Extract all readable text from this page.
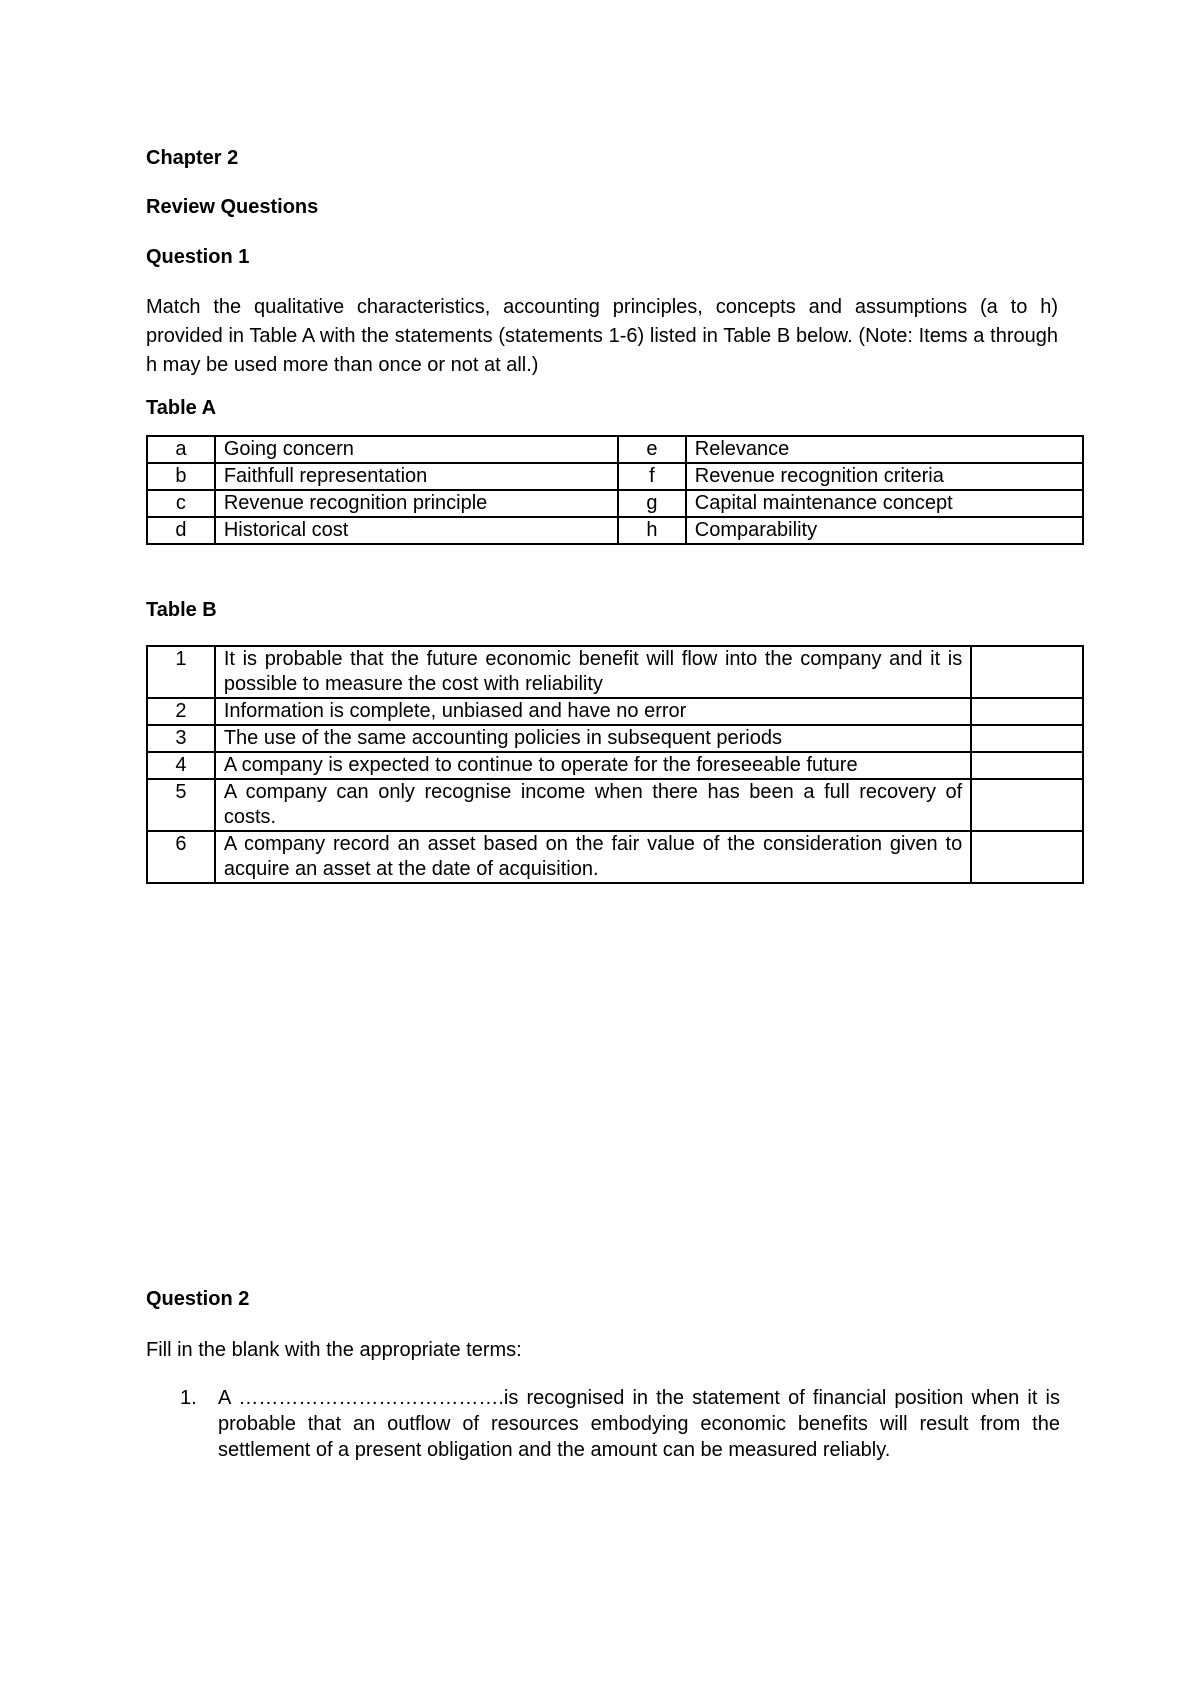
Chapter 2
Review Questions
Question 1
Match the qualitative characteristics, accounting principles, concepts and assumptions (a to h) provided in Table A with the statements (statements 1-6) listed in Table B below. (Note: Items a through h may be used more than once or not at all.)
Table A
a	Going concern	e	Relevance
b	Faithfull representation	f	Revenue recognition criteria
c	Revenue recognition principle	g	Capital maintenance concept
d	Historical cost	h	Comparability
Table B
1	It is probable that the future economic benefit will flow into the company and it is possible to measure the cost with reliability	
2	Information is complete, unbiased and have no error	
3	The use of the same accounting policies in subsequent periods	
4	A company is expected to continue to operate for the foreseeable future	
5	A company can only recognise income when there has been a full recovery of costs.	
6	A company record an asset based on the fair value of the consideration given to acquire an asset at the date of acquisition.	
Question 2
Fill in the blank with the appropriate terms:
1. A ………………………………….is recognised in the statement of financial position when it is probable that an outflow of resources embodying economic benefits will result from the settlement of a present obligation and the amount can be measured reliably.
